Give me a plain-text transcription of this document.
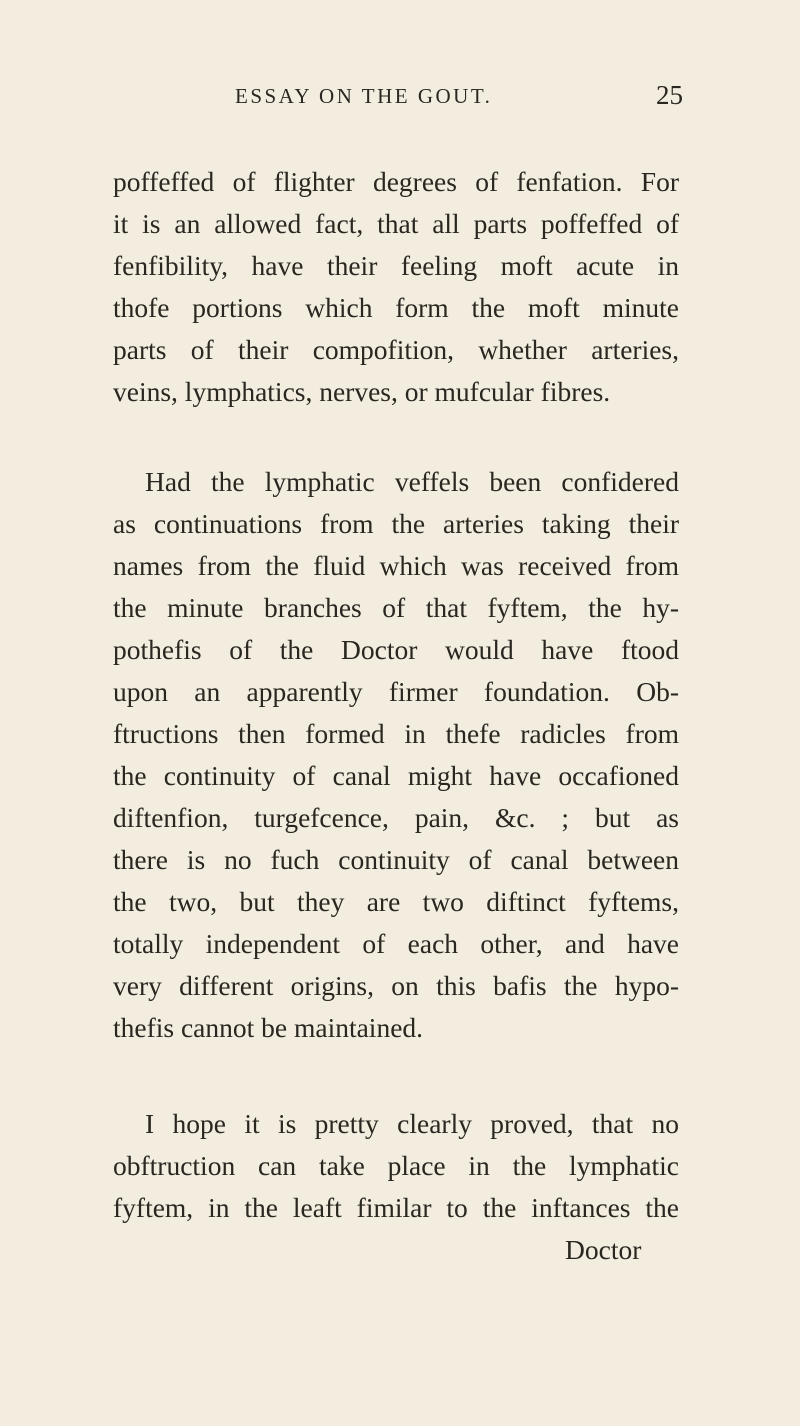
ESSAY ON THE GOUT.	25
poffeffed of flighter degrees of fenfation. For
it is an allowed fact, that all parts poffeffed of
fenfibility, have their feeling moft acute in
thofe portions which form the moft minute
parts of their compofition, whether arteries,
veins, lymphatics, nerves, or mufcular fibres.
Had the lymphatic veffels been confidered
as continuations from the arteries taking their
names from the fluid which was received from
the minute branches of that fyftem, the hy-
pothefis of the Doctor would have ftood
upon an apparently firmer foundation. Ob-
ftructions then formed in thefe radicles from
the continuity of canal might have occafioned
diftenfion, turgefcence, pain, &c. ; but as
there is no fuch continuity of canal between
the two, but they are two diftinct fyftems,
totally independent of each other, and have
very different origins, on this bafis the hypo-
thefis cannot be maintained.
I hope it is pretty clearly proved, that no
obftruction can take place in the lymphatic
fyftem, in the leaft fimilar to the inftances the
Doctor
